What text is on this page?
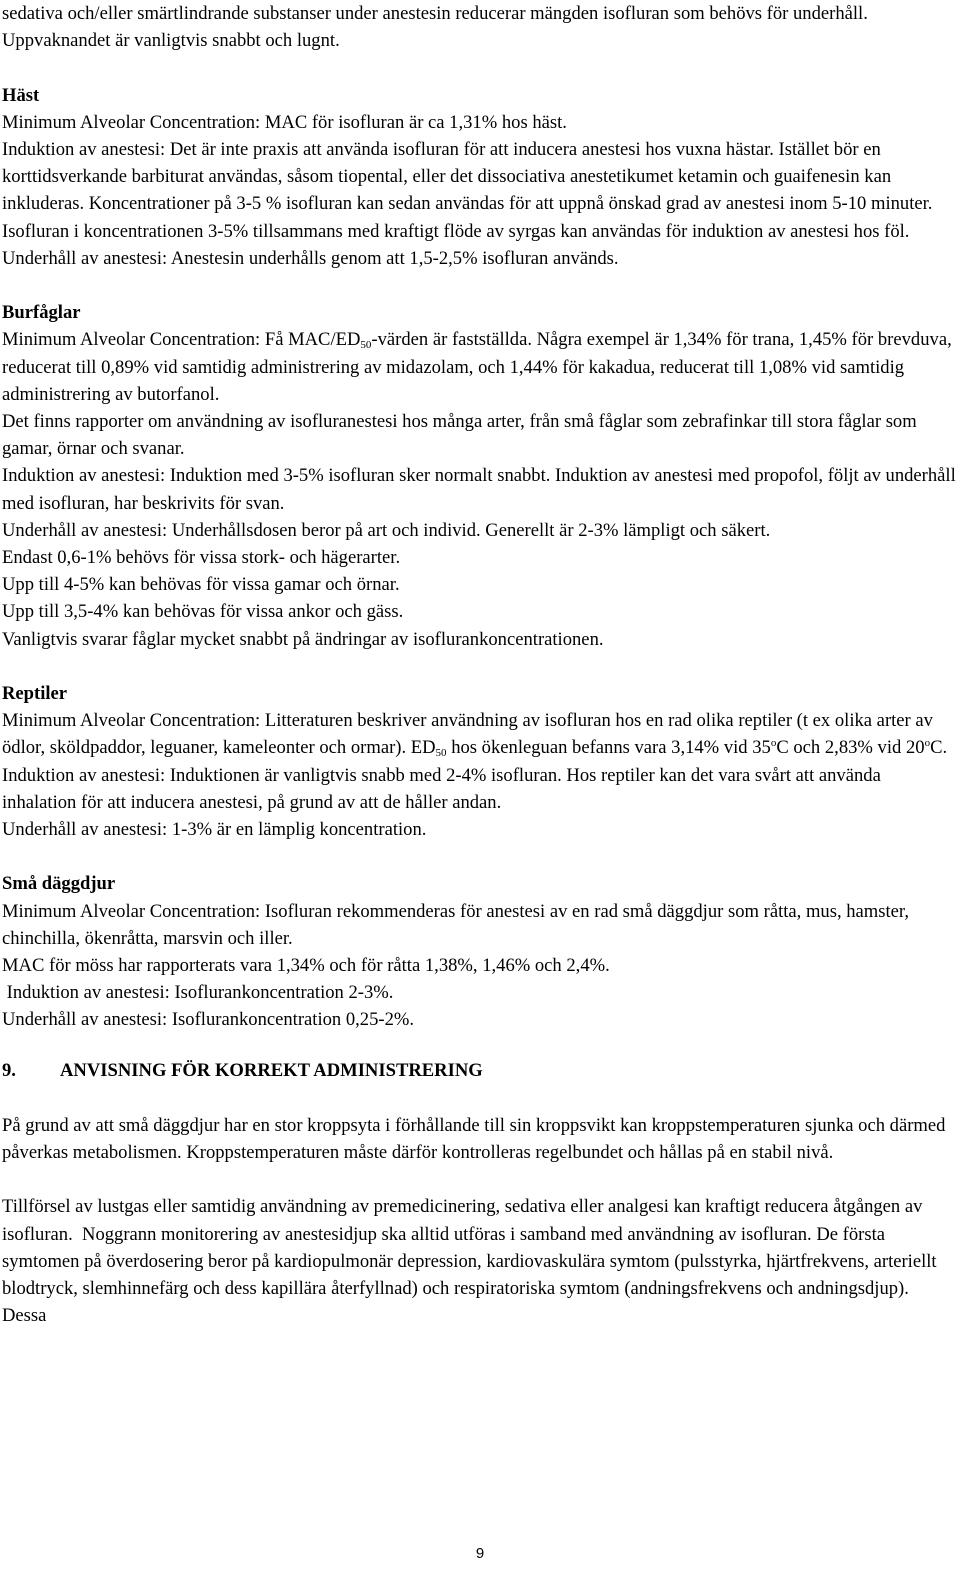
sedativa och/eller smärtlindrande substanser under anestesin reducerar mängden isofluran som behövs för underhåll. Uppvaknandet är vanligtvis snabbt och lugnt.

Häst

Minimum Alveolar Concentration: MAC för isofluran är ca 1,31% hos häst.

Induktion av anestesi: Det är inte praxis att använda isofluran för att inducera anestesi hos vuxna hästar. Istället bör en korttidsverkande barbiturat användas, såsom tiopental, eller det dissociativa anestetikumet ketamin och guaifenesin kan inkluderas. Koncentrationer på 3-5 % isofluran kan sedan användas för att uppnå önskad grad av anestesi inom 5-10 minuter.

Isofluran i koncentrationen 3-5% tillsammans med kraftigt flöde av syrgas kan användas för induktion av anestesi hos föl.

Underhåll av anestesi: Anestesin underhålls genom att 1,5-2,5% isofluran används.

Burfåglar

Minimum Alveolar Concentration: Få MAC/$ED_{50}$-värden är fastställda. Några exempel är 1,34% för trana, 1,45% för brevduva, reducerat till 0,89% vid samtidig administrering av midazolam, och 1,44% för kakadua, reducerat till 1,08% vid samtidig administrering av butorfanol.

Det finns rapporter om användning av isofluranestesi hos många arter, från små fåglar som zebrafinkar till stora fåglar som gamar, örnar och svanar.

Induktion av anestesi: Induktion med 3-5% isofluran sker normalt snabbt. Induktion av anestesi med propofol, följt av underhåll med isofluran, har beskrivits för svan.

Underhåll av anestesi: Underhållsdosen beror på art och individ. Generellt är 2-3% lämpligt och säkert.

Endast 0,6-1% behövs för vissa stork- och hägerarter.

Upp till 4-5% kan behövas för vissa gamar och örnar.

Upp till 3,5-4% kan behövas för vissa ankor och gäss.

Vanligtvis svarar fåglar mycket snabbt på ändringar av isoflurankoncentrationen.

Reptiler

Minimum Alveolar Concentration: Litteraturen beskriver användning av isofluran hos en rad olika reptiler (t ex olika arter av ödlor, sköldpaddor, leguaner, kameleonter och ormar). $ED_{50}$ hos ökenleguan befanns vara 3,14% vid 35$^o$C och 2,83% vid 20$^o$C.

Induktion av anestesi: Induktionen är vanligtvis snabb med 2-4% isofluran. Hos reptiler kan det vara svårt att använda inhalation för att inducera anestesi, på grund av att de håller andan.

Underhåll av anestesi: 1-3% är en lämplig koncentration.

Små däggdjur

Minimum Alveolar Concentration: Isofluran rekommenderas för anestesi av en rad små däggdjur som råtta, mus, hamster, chinchilla, ökenråtta, marsvin och iller.

MAC för möss har rapporterats vara 1,34% och för råtta 1,38%, 1,46% och 2,4%.

Induktion av anestesi: Isoflurankoncentration 2-3%.

Underhåll av anestesi: Isoflurankoncentration 0,25-2%.

9. ANVISNING FÖR KORREKT ADMINISTRERING

På grund av att små däggdjur har en stor kroppsyta i förhållande till sin kroppsvikt kan kroppstemperaturen sjunka och därmed påverkas metabolismen. Kroppstemperaturen måste därför kontrolleras regelbundet och hållas på en stabil nivå.

Tillförsel av lustgas eller samtidig användning av premedicinering, sedativa eller analgesi kan kraftigt reducera åtgången av isofluran.  Noggrann monitorering av anestesidjup ska alltid utföras i samband med användning av isofluran. De första symtomen på överdosering beror på kardiopulmonär depression, kardiovaskulära symtom (pulsstyrka, hjärtfrekvens, arteriellt blodtryck, slemhinnefärg och dess kapillära återfyllnad) och respiratoriska symtom (andningsfrekvens och andningsdjup). Dessa

9
